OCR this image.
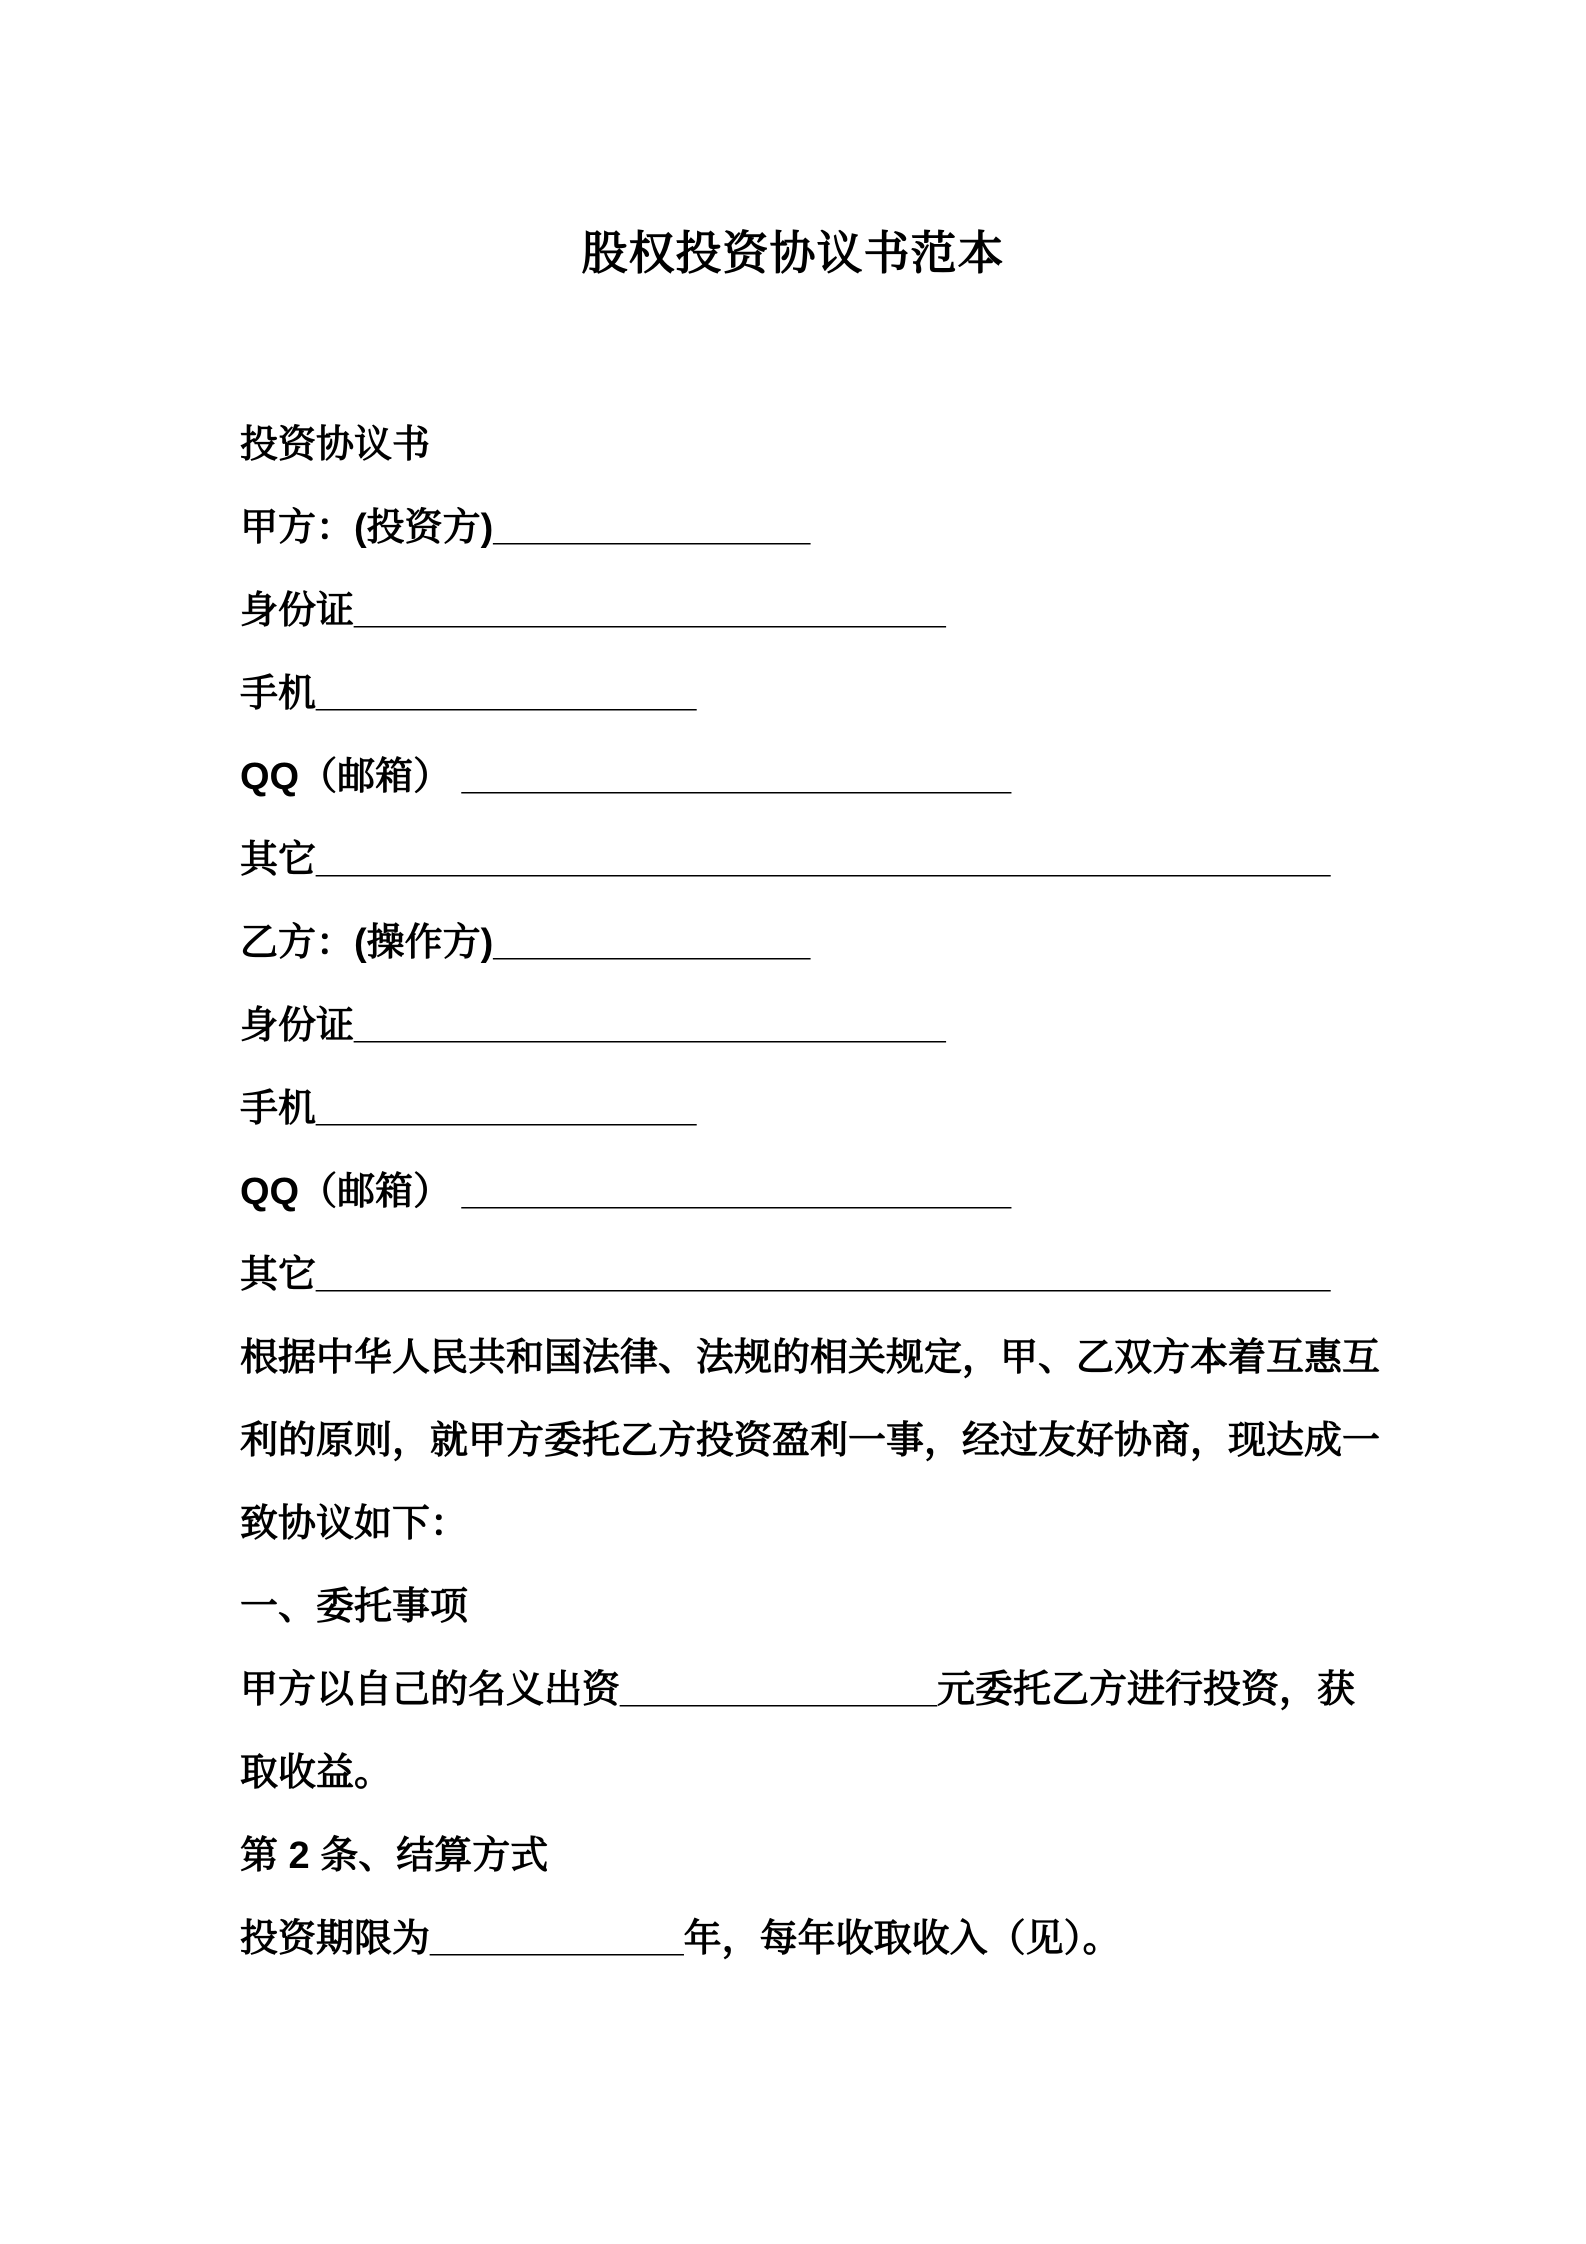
股权投资协议书范本
投资协议书
甲方：(投资方)_______________
身份证____________________________
手机__________________
QQ（邮箱） __________________________
其它________________________________________________
乙方：(操作方)_______________
身份证____________________________
手机__________________
QQ（邮箱） __________________________
其它________________________________________________
根据中华人民共和国法律、法规的相关规定，甲、乙双方本着互惠互
利的原则，就甲方委托乙方投资盈利一事，经过友好协商，现达成一
致协议如下：
一、委托事项
甲方以自己的名义出资_______________元委托乙方进行投资，获
取收益。
第 2 条、结算方式
投资期限为____________年，每年收取收入（见）。
